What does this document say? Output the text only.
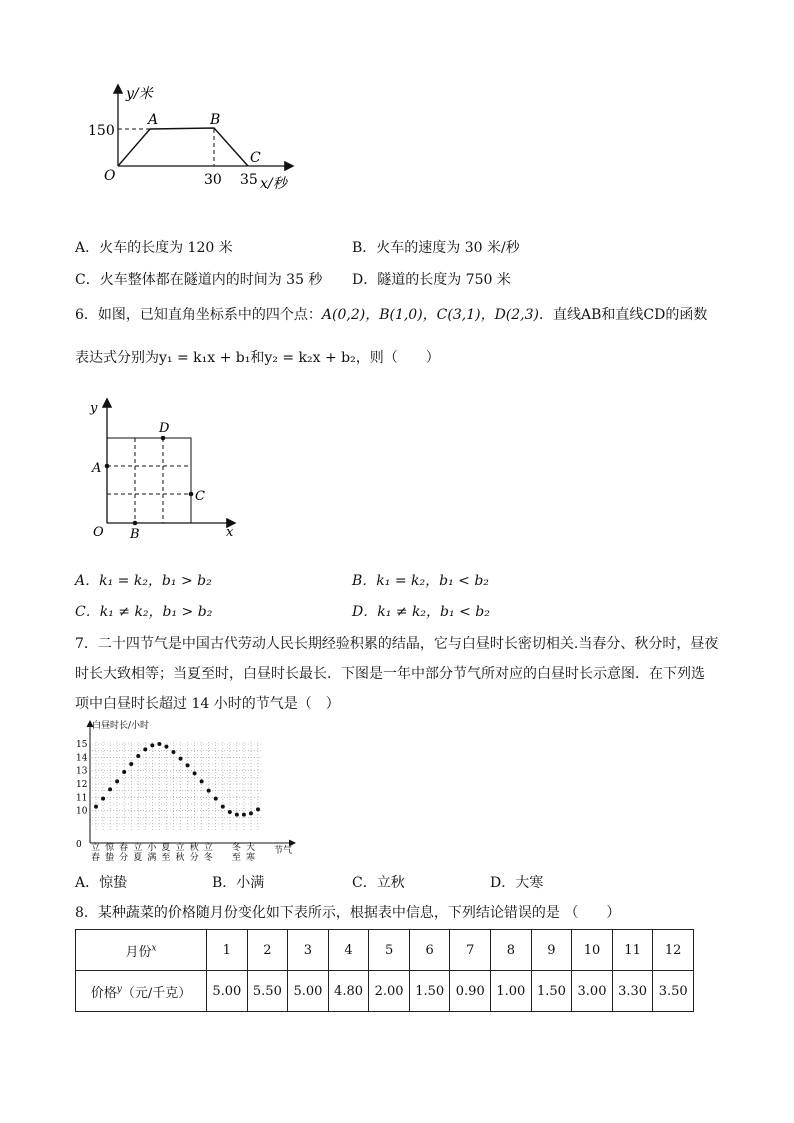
y/米
150
A	B
C
O	30 35 x/秒
A．火车的长度为 120 米	B．火车的速度为 30 米/秒
C．火车整体都在隧道内的时间为 35 秒 D．隧道的长度为 750 米
6．如图，已知直角坐标系中的四个点：A(0,2)，B(1,0)，C(3,1)，D(2,3)．直线AB和直线CD的函数
表达式分别为y₁ = k₁x + b₁和y₂ = k₂x + b₂，则（　　）
y
x
O
A
B
C
D
A．k₁ = k₂，b₁ > b₂	B．k₁ = k₂，b₁ < b₂
C．k₁ ≠ k₂，b₁ > b₂	D．k₁ ≠ k₂，b₁ < b₂
7．二十四节气是中国古代劳动人民长期经验积累的结晶，它与白昼时长密切相关.当春分、秋分时，昼夜
时长大致相等；当夏至时，白昼时长最长．下图是一年中部分节气所对应的白昼时长示意图．在下列选
项中白昼时长超过 14 小时的节气是（　）
白昼时长/小时
节气
0
10
11
12
13
14
15
立春
惊蛰
春分
立夏
小满
夏至
立秋
秋分
立冬
冬至
大寒
A．惊蛰	B．小满	C．立秋	D．大寒
8．某种蔬菜的价格随月份变化如下表所示，根据表中信息，下列结论错误的是 （　　）
月份$^x$	1	2	3	4	5	6	7	8	9	10	11	12
价格$^y$（元/千克）	5.00	5.50	5.00	4.80	2.00	1.50	0.90	1.00	1.50	3.00	3.30	3.50
